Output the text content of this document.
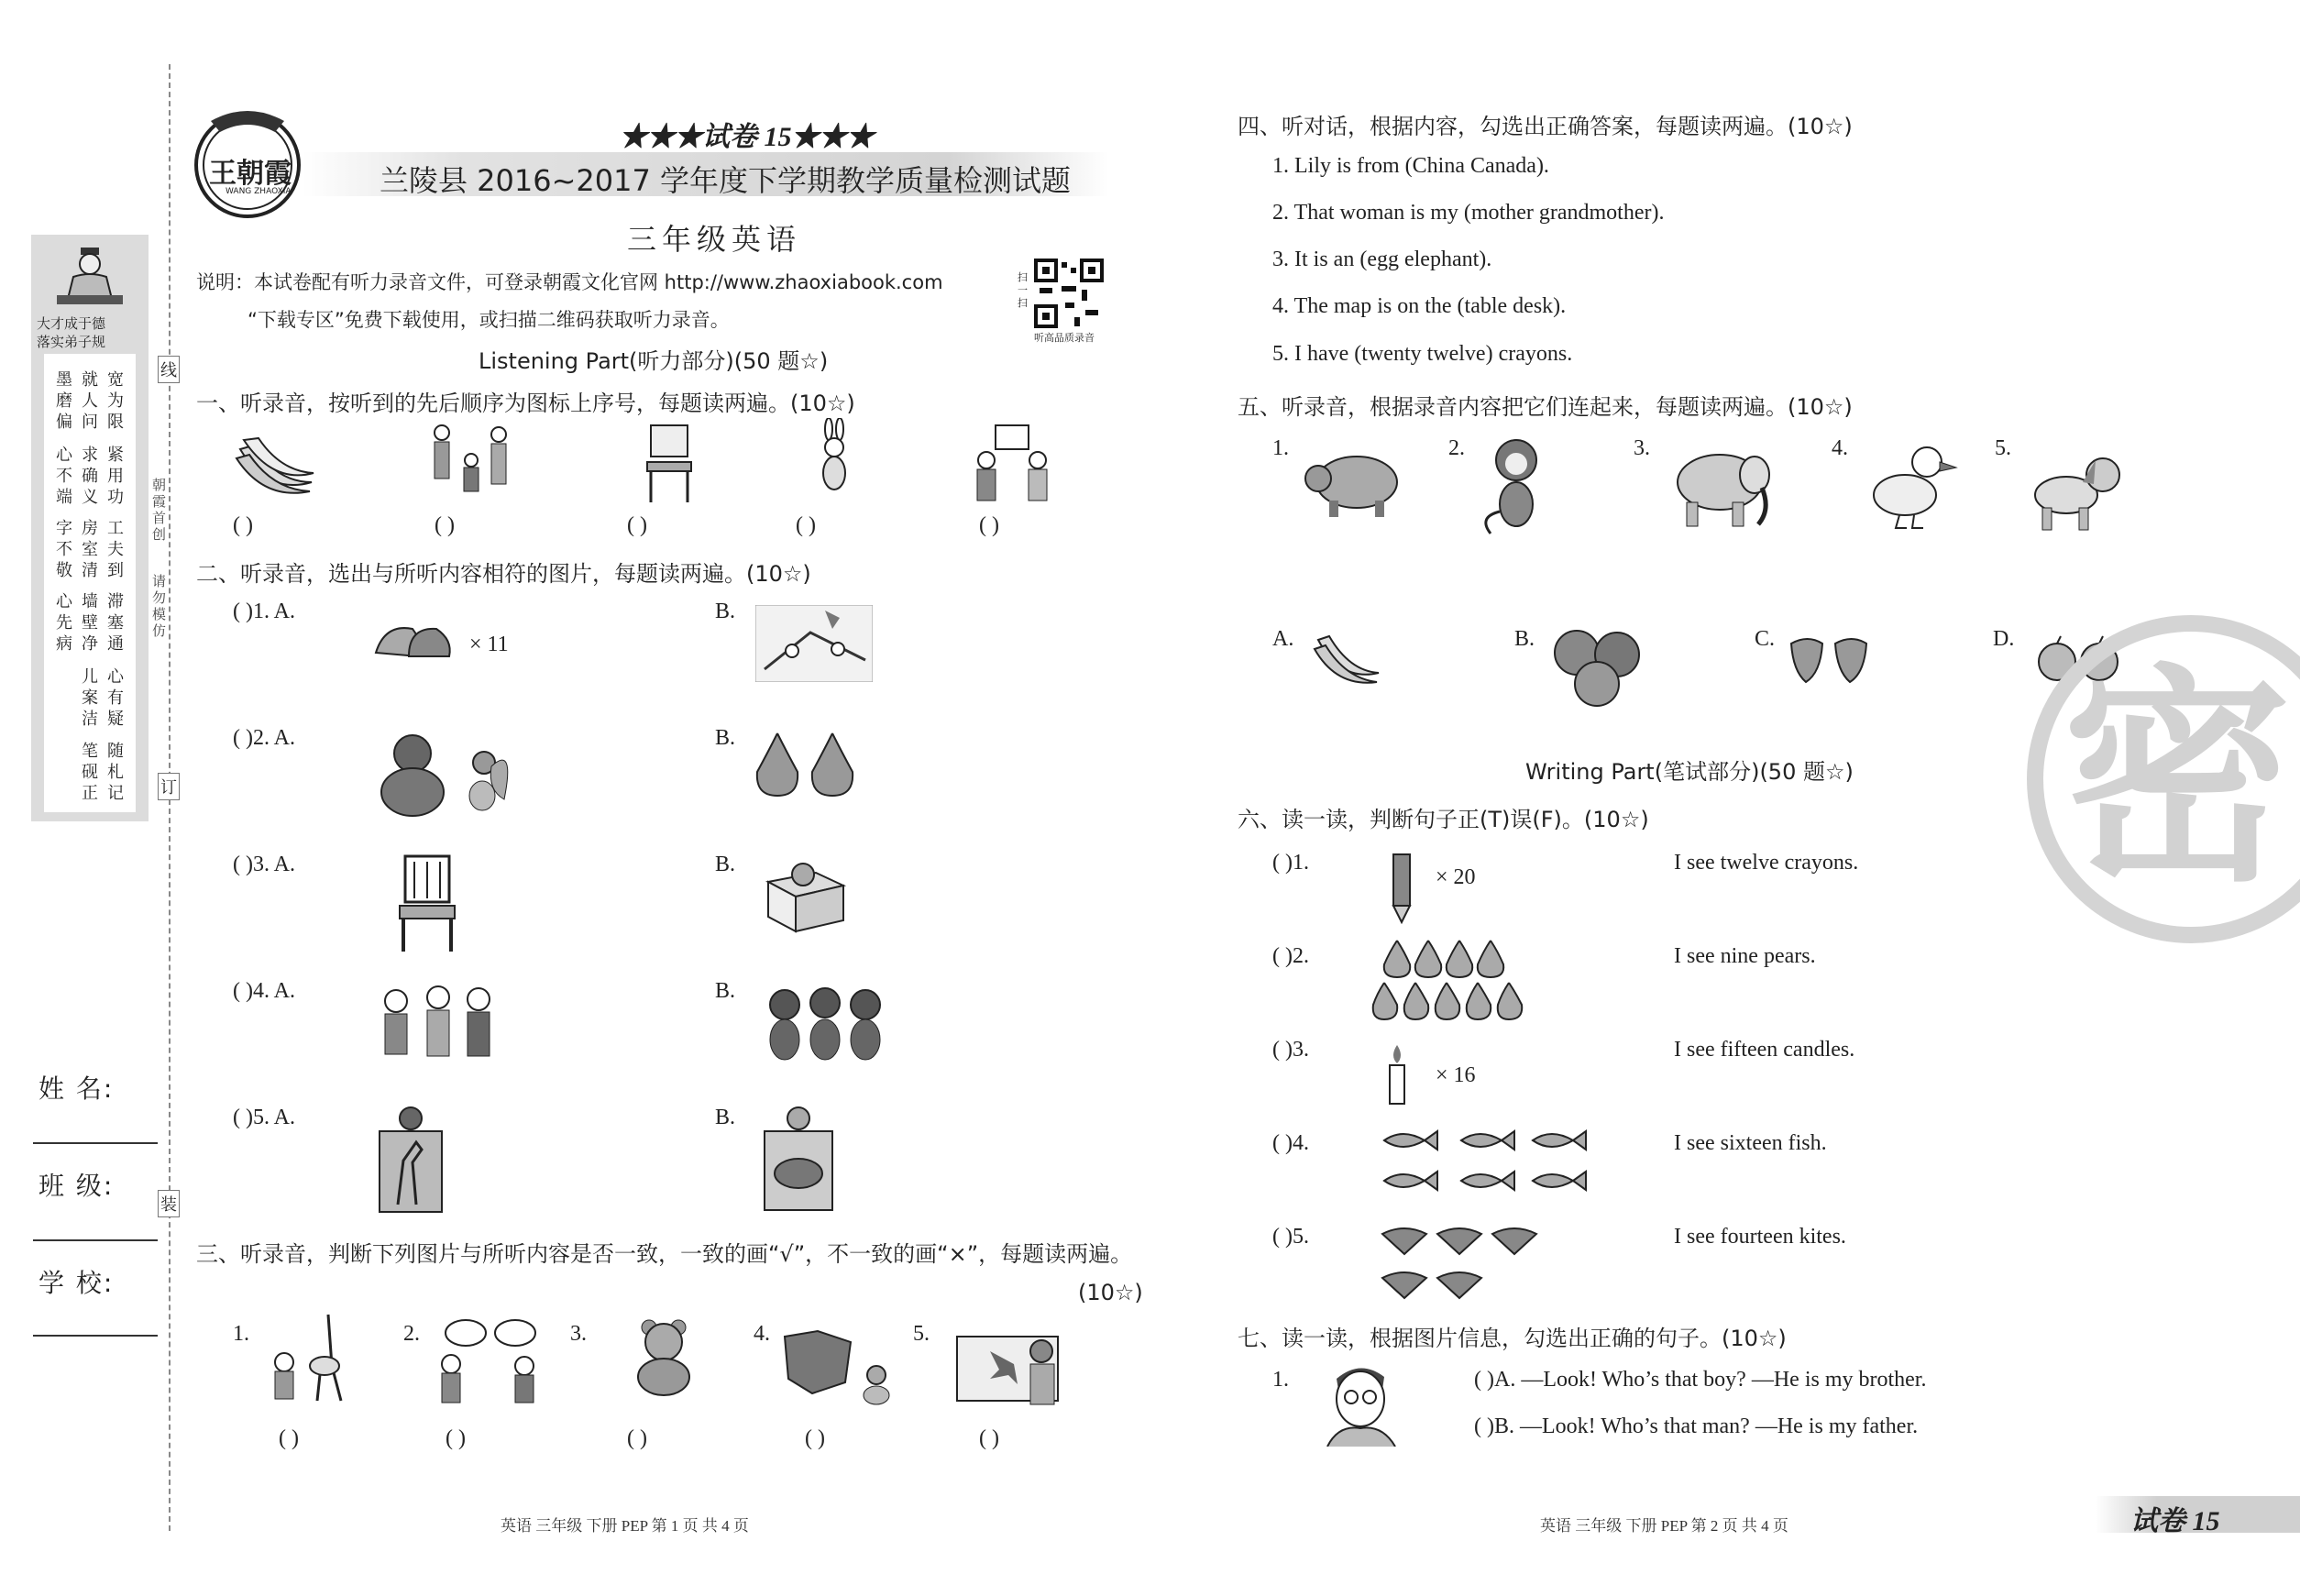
线
订
装
朝霞首创
请勿模仿
大才成于德
落实弟子规
宽为限
紧用功
工夫到
滞塞通
心有疑
随札记
就人问
求确义
房室清
墙壁净
儿案洁
笔砚正
墨磨偏
心不端
字不敬
心先病
姓 名:
班 级:
学 校:
王朝霞
WANG ZHAOXIA
★★★试卷 15★★★
兰陵县 2016~2017 学年度下学期教学质量检测试题
三年级英语
说明：本试卷配有听力录音文件，可登录朝霞文化官网 http://www.zhaoxiabook.com
“下载专区”免费下载使用，或扫描二维码获取听力录音。
扫一扫
听高品质录音
Listening Part(听力部分)(50 题☆)
一、听录音，按听到的先后顺序为图标上序号，每题读两遍。(10☆)
( )	( )	( )	( )	( )
二、听录音，选出与所听内容相符的图片，每题读两遍。(10☆)
( )1. A.
× 11
B.
( )2. A.	B.
( )3. A.	B.
( )4. A.	B.
( )5. A.	B.
三、听录音，判断下列图片与所听内容是否一致，一致的画“√”，不一致的画“×”，每题读两遍。
(10☆)
1.	2.	3.	4.	5.
( )	( )	( )	( )	( )
四、听对话，根据内容，勾选出正确答案，每题读两遍。(10☆)
1. Lily is from (China Canada).
2. That woman is my (mother grandmother).
3. It is an (egg elephant).
4. The map is on the (table desk).
5. I have (twenty twelve) crayons.
五、听录音，根据录音内容把它们连起来，每题读两遍。(10☆)
1.	2.	3.	4.	5.
A.	B.	C.	D.
Writing Part(笔试部分)(50 题☆)
六、读一读，判断句子正(T)误(F)。(10☆)
( )1.
× 20
I see twelve crayons.
( )2.	I see nine pears.
( )3.
× 16
I see fifteen candles.
( )4.	I see sixteen fish.
( )5.	I see fourteen kites.
七、读一读，根据图片信息，勾选出正确的句子。(10☆)
1.	( )A. —Look! Who’s that boy? —He is my brother.
( )B. —Look! Who’s that man? —He is my father.
密
英语 三年级 下册 PEP 第 1 页 共 4 页	英语 三年级 下册 PEP 第 2 页 共 4 页	试卷 15
